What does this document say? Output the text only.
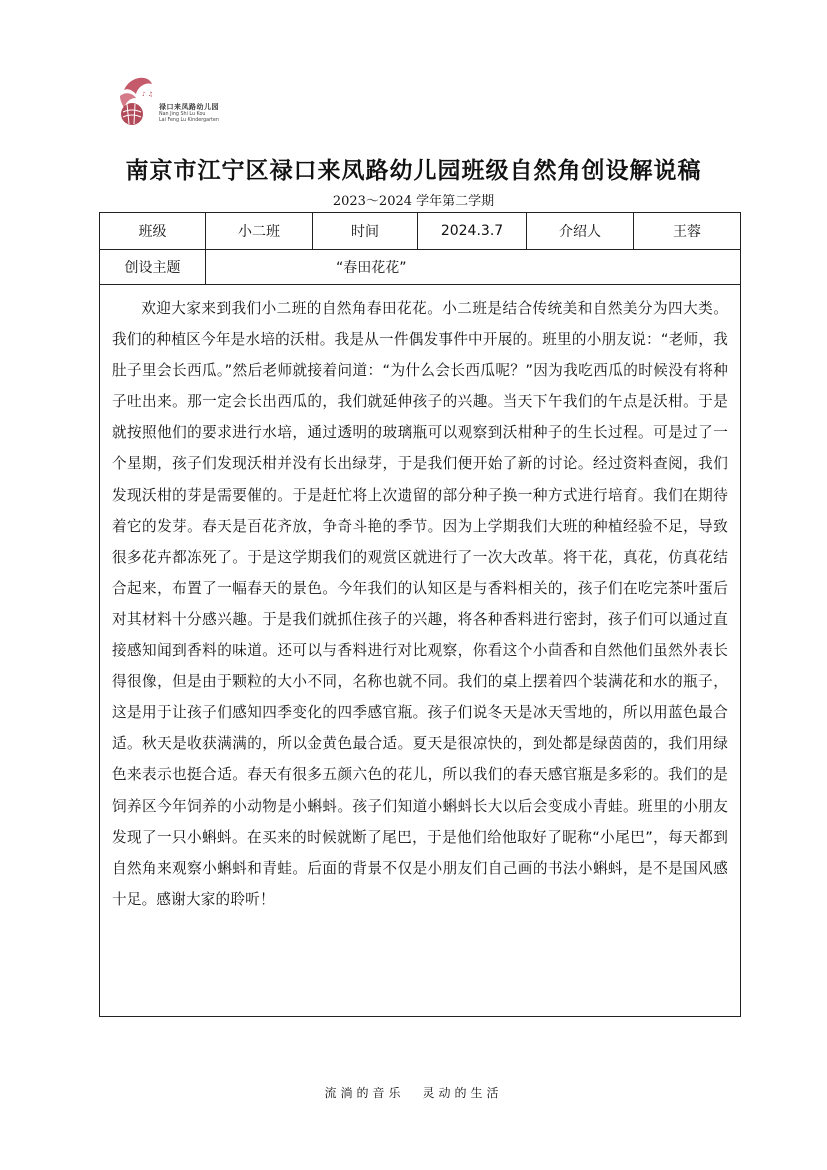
♪ ♫
禄口来凤路幼儿园
Nan Jing Shi Lu Kou
Lai Feng Lu Kindergarten
南京市江宁区禄口来凤路幼儿园班级自然角创设解说稿
2023～2024 学年第二学期
班级	小二班	时间	2024.3.7	介绍人	王蓉
创设主题	“春田花花”				

欢迎大家来到我们小二班的自然角春田花花。小二班是结合传统美和自然美分为四大类。我们的种植区今年是水培的沃柑。我是从一件偶发事件中开展的。班里的小朋友说：“老师，我肚子里会长西瓜。”然后老师就接着问道：“为什么会长西瓜呢？”因为我吃西瓜的时候没有将种子吐出来。那一定会长出西瓜的，我们就延伸孩子的兴趣。当天下午我们的午点是沃柑。于是就按照他们的要求进行水培，通过透明的玻璃瓶可以观察到沃柑种子的生长过程。可是过了一个星期，孩子们发现沃柑并没有长出绿芽，于是我们便开始了新的讨论。经过资料查阅，我们发现沃柑的芽是需要催的。于是赶忙将上次遗留的部分种子换一种方式进行培育。我们在期待着它的发芽。春天是百花齐放，争奇斗艳的季节。因为上学期我们大班的种植经验不足，导致很多花卉都冻死了。于是这学期我们的观赏区就进行了一次大改革。将干花，真花，仿真花结合起来，布置了一幅春天的景色。今年我们的认知区是与香料相关的，孩子们在吃完茶叶蛋后对其材料十分感兴趣。于是我们就抓住孩子的兴趣，将各种香料进行密封，孩子们可以通过直接感知闻到香料的味道。还可以与香料进行对比观察，你看这个小茴香和自然他们虽然外表长得很像，但是由于颗粒的大小不同，名称也就不同。我们的桌上摆着四个装满花和水的瓶子，这是用于让孩子们感知四季变化的四季感官瓶。孩子们说冬天是冰天雪地的，所以用蓝色最合适。秋天是收获满满的，所以金黄色最合适。夏天是很凉快的，到处都是绿茵茵的，我们用绿色来表示也挺合适。春天有很多五颜六色的花儿，所以我们的春天感官瓶是多彩的。我们的是饲养区今年饲养的小动物是小蝌蚪。孩子们知道小蝌蚪长大以后会变成小青蛙。班里的小朋友发现了一只小蝌蚪。在买来的时候就断了尾巴，于是他们给他取好了昵称“小尾巴”，每天都到自然角来观察小蝌蚪和青蛙。后面的背景不仅是小朋友们自己画的书法小蝌蚪，是不是国风感十足。感谢大家的聆听！					

流淌的音乐 灵动的生活
